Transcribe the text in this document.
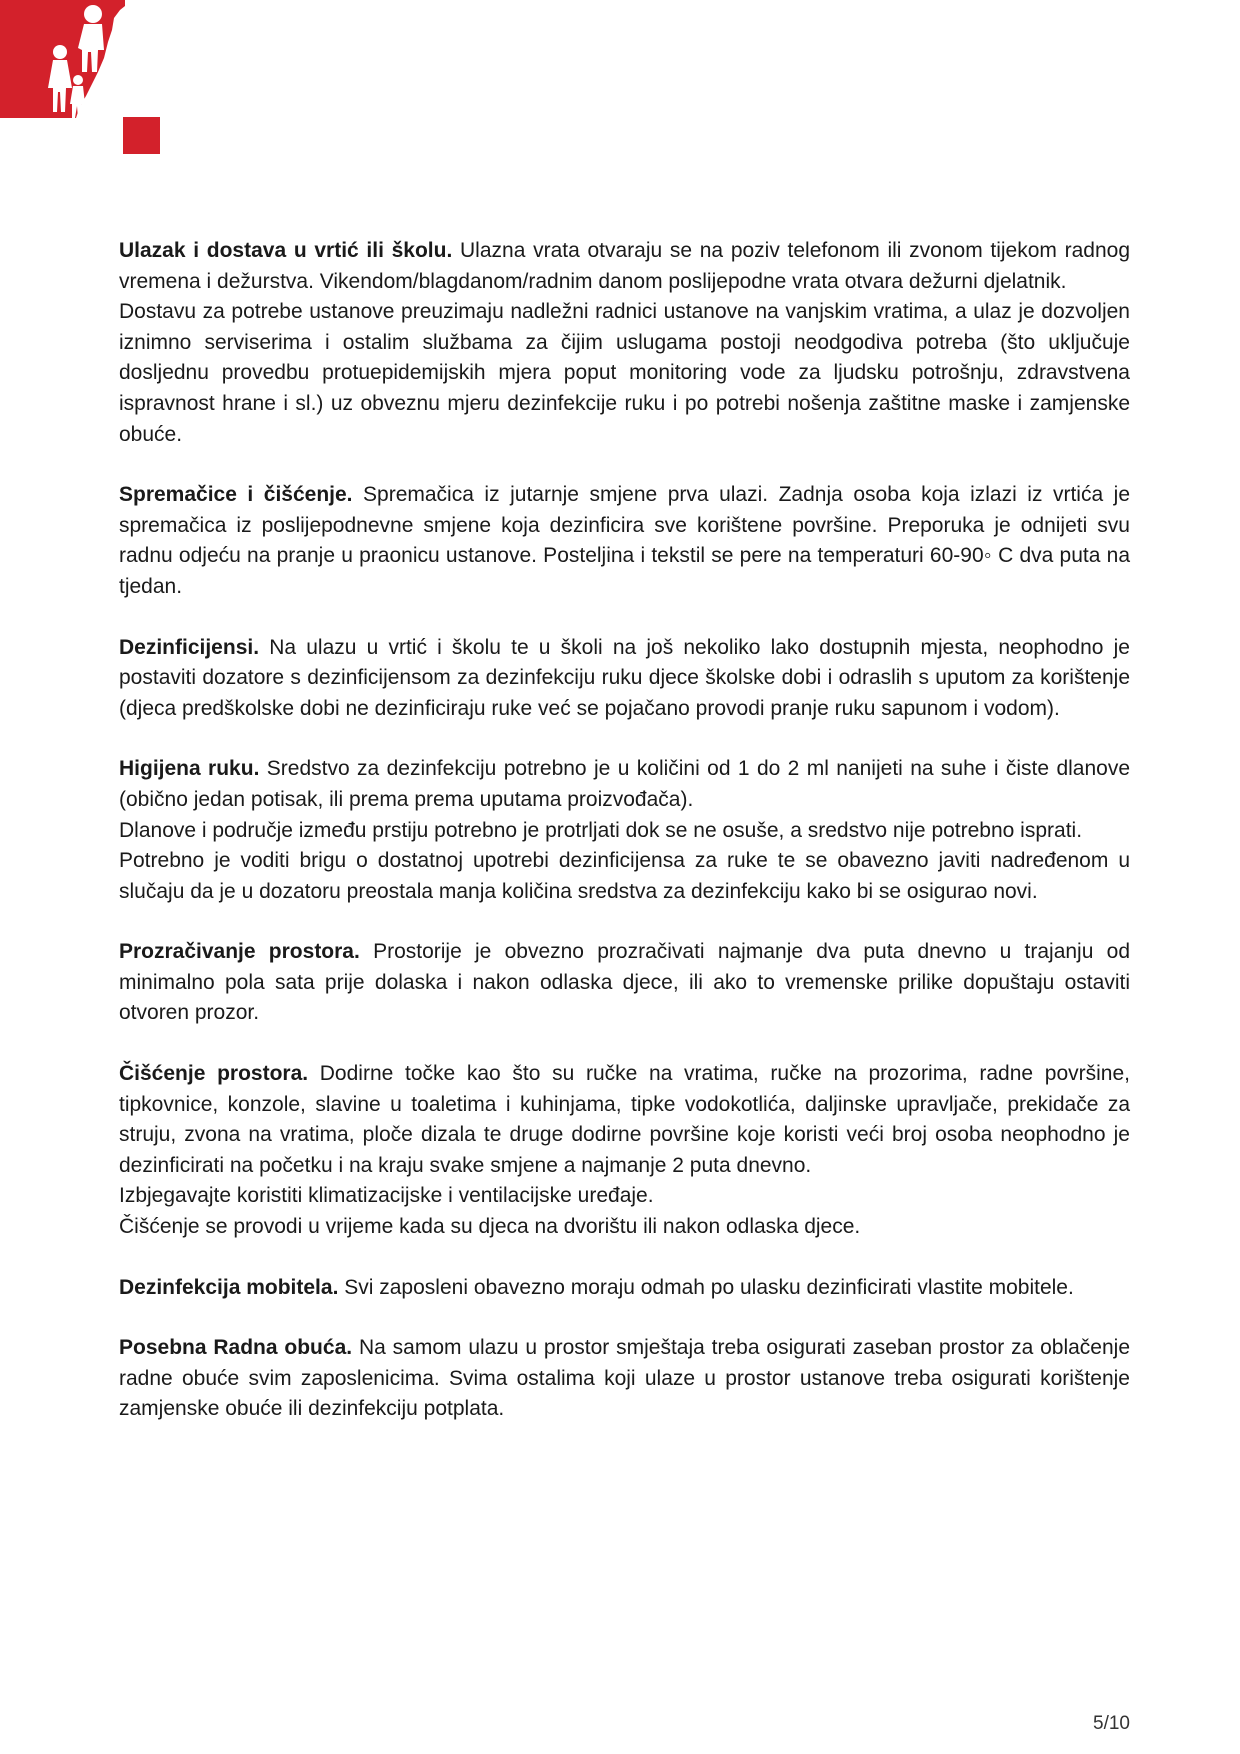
Ulazak i dostava u vrtić ili školu. Ulazna vrata otvaraju se na poziv telefonom ili zvonom tijekom radnog vremena i dežurstva. Vikendom/blagdanom/radnim danom poslijepodne vrata otvara dežurni djelatnik.

Dostavu za potrebe ustanove preuzimaju nadležni radnici ustanove na vanjskim vratima, a ulaz je dozvoljen iznimno serviserima i ostalim službama za čijim uslugama postoji neodgodiva potreba (što uključuje dosljednu provedbu protuepidemijskih mjera poput monitoring vode za ljudsku potrošnju, zdravstvena ispravnost hrane i sl.) uz obveznu mjeru dezinfekcije ruku i po potrebi nošenja zaštitne maske i zamjenske obuće.

Spremačice i čišćenje. Spremačica iz jutarnje smjene prva ulazi. Zadnja osoba koja izlazi iz vrtića je spremačica iz poslijepodnevne smjene koja dezinficira sve korištene površine. Preporuka je odnijeti svu radnu odjeću na pranje u praonicu ustanove. Posteljina i tekstil se pere na temperaturi 60-90◦ C dva puta na tjedan.

Dezinficijensi. Na ulazu u vrtić i školu te u školi na još nekoliko lako dostupnih mjesta, neophodno je postaviti dozatore s dezinficijensom za dezinfekciju ruku djece školske dobi i odraslih s uputom za korištenje (djeca predškolske dobi ne dezinficiraju ruke već se pojačano provodi pranje ruku sapunom i vodom).

Higijena ruku. Sredstvo za dezinfekciju potrebno je u količini od 1 do 2 ml nanijeti na suhe i čiste dlanove (obično jedan potisak, ili prema prema uputama proizvođača).

Dlanove i područje između prstiju potrebno je protrljati dok se ne osuše, a sredstvo nije potrebno isprati.

Potrebno je voditi brigu o dostatnoj upotrebi dezinficijensa za ruke te se obavezno javiti nadređenom u slučaju da je u dozatoru preostala manja količina sredstva za dezinfekciju kako bi se osigurao novi.

Prozračivanje prostora. Prostorije je obvezno prozračivati najmanje dva puta dnevno u trajanju od minimalno pola sata prije dolaska i nakon odlaska djece, ili ako to vremenske prilike dopuštaju ostaviti otvoren prozor.

Čišćenje prostora. Dodirne točke kao što su ručke na vratima, ručke na prozorima, radne površine, tipkovnice, konzole, slavine u toaletima i kuhinjama, tipke vodokotlića, daljinske upravljače, prekidače za struju, zvona na vratima, ploče dizala te druge dodirne površine koje koristi veći broj osoba neophodno je dezinficirati na početku i na kraju svake smjene a najmanje 2 puta dnevno.

Izbjegavajte koristiti klimatizacijske i ventilacijske uređaje.

Čišćenje se provodi u vrijeme kada su djeca na dvorištu ili nakon odlaska djece.

Dezinfekcija mobitela. Svi zaposleni obavezno moraju odmah po ulasku dezinficirati vlastite mobitele.

Posebna Radna obuća. Na samom ulazu u prostor smještaja treba osigurati zaseban prostor za oblačenje radne obuće svim zaposlenicima. Svima ostalima koji ulaze u prostor ustanove treba osigurati korištenje zamjenske obuće ili dezinfekciju potplata.

5/10
